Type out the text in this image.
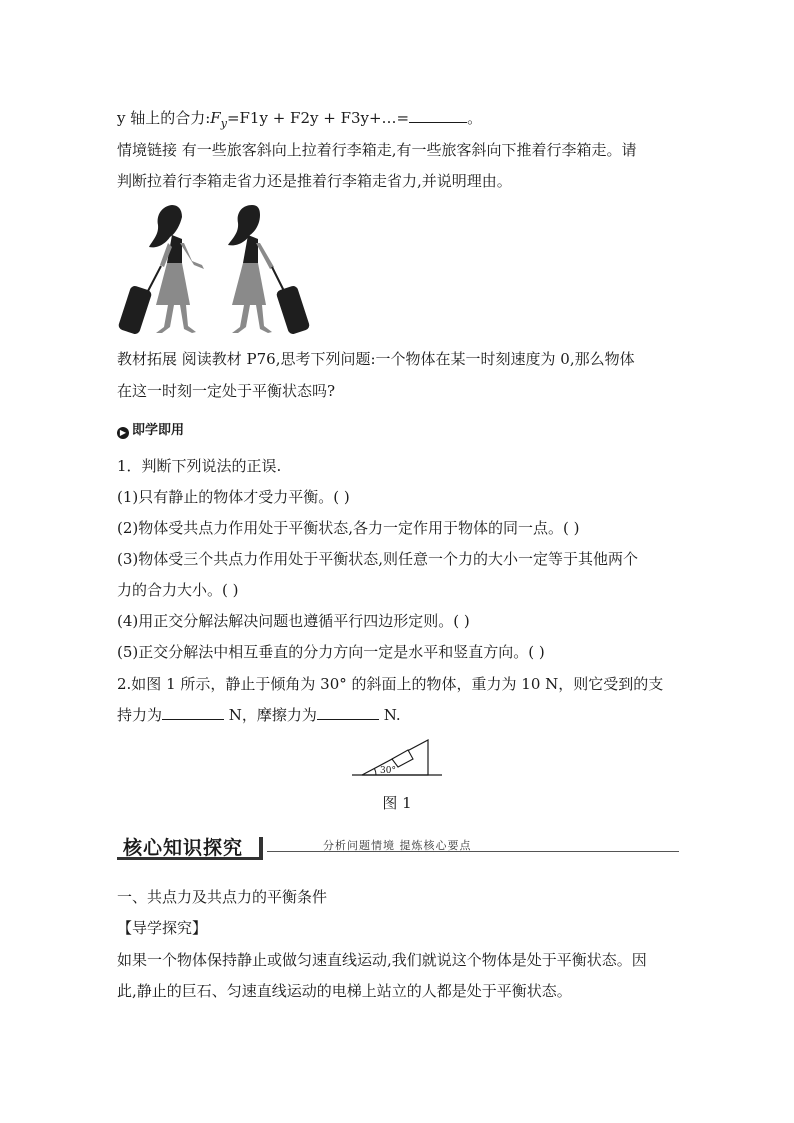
y 轴上的合力$:F_y=F1y + F2y$ + F3y+…=	。
情境链接 有一些旅客斜向上拉着行李箱走,有一些旅客斜向下推着行李箱走。请
判断拉着行李箱走省力还是推着行李箱走省力,并说明理由。
教材拓展 阅读教材 P76,思考下列问题:一个物体在某一时刻速度为 0,那么物体
在这一时刻一定处于平衡状态吗?
▶ 即学即用
1．判断下列说法的正误.
(1)只有静止的物体才受力平衡。( )
(2)物体受共点力作用处于平衡状态,各力一定作用于物体的同一点。( )
(3)物体受三个共点力作用处于平衡状态,则任意一个力的大小一定等于其他两个
力的合力大小。( )
(4)用正交分解法解决问题也遵循平行四边形定则。( )
(5)正交分解法中相互垂直的分力方向一定是水平和竖直方向。( )
2.如图 1 所示，静止于倾角为 30° 的斜面上的物体，重力为 10 N，则它受到的支
持力为	N，摩擦力为	N.
30°
图 1
核心知识探究	分析问题情境 提炼核心要点
一、共点力及共点力的平衡条件
【导学探究】
如果一个物体保持静止或做匀速直线运动,我们就说这个物体是处于平衡状态。因
此,静止的巨石、匀速直线运动的电梯上站立的人都是处于平衡状态。
